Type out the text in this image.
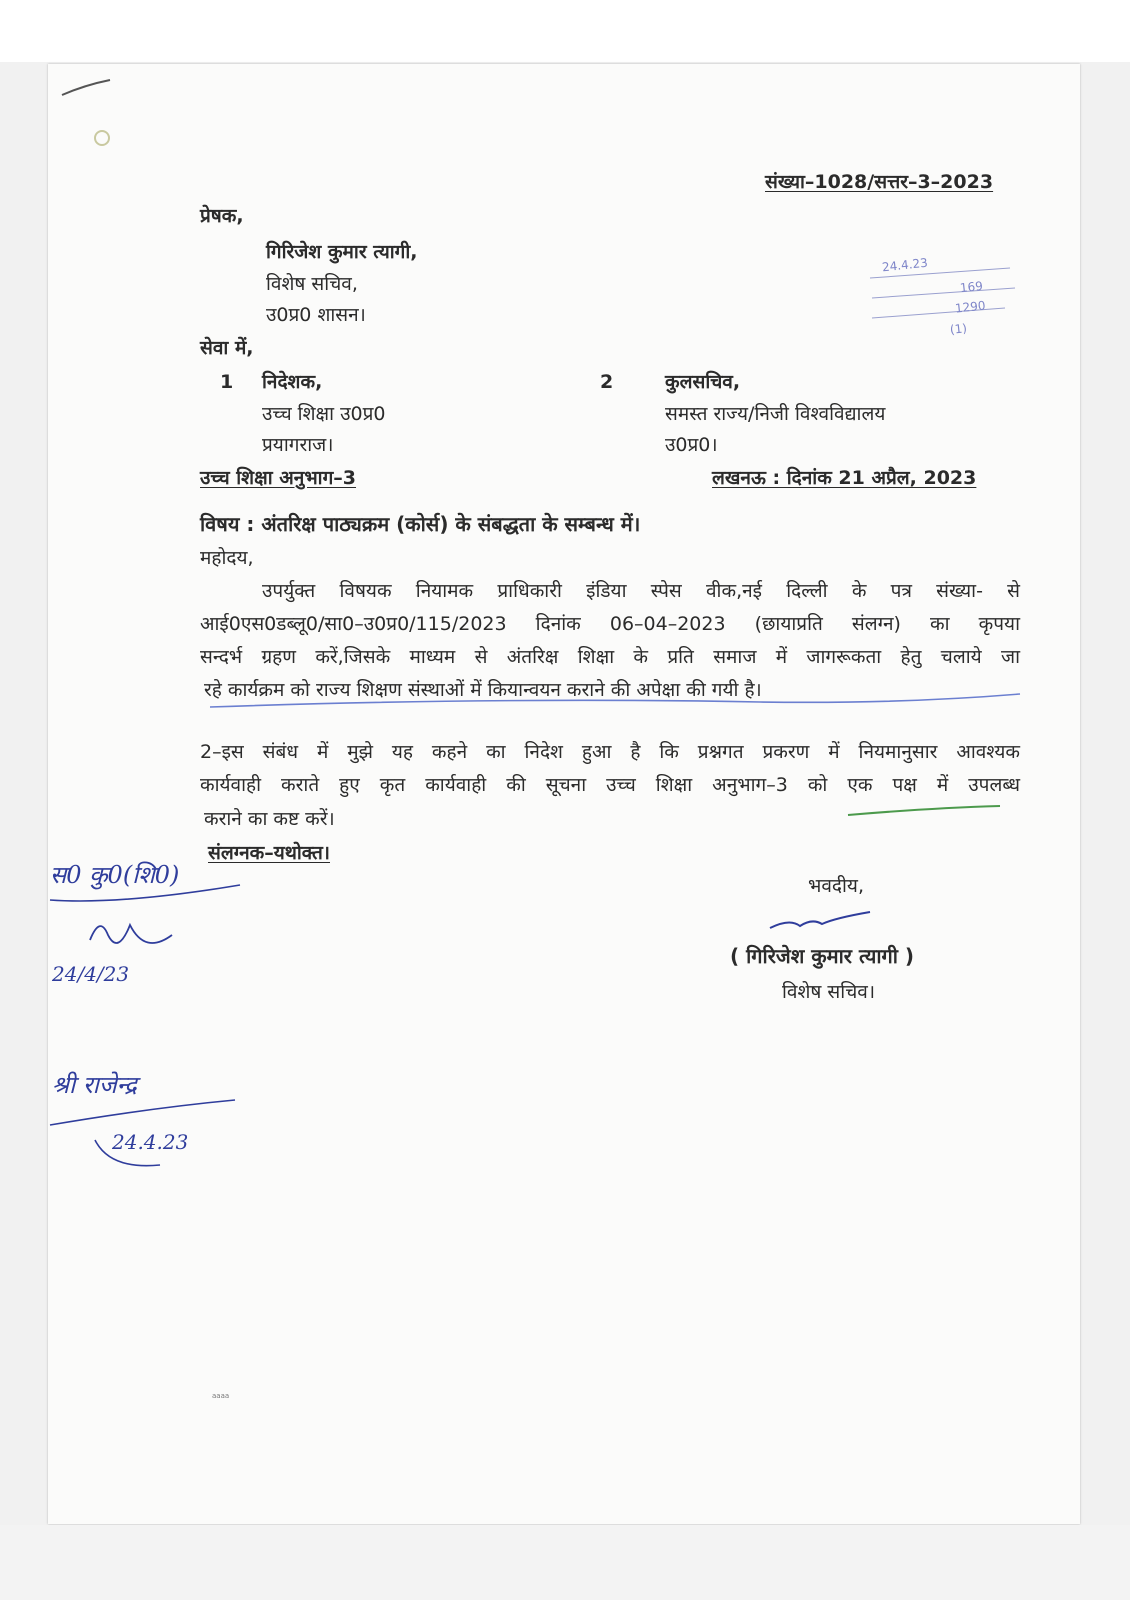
संख्या–1028/सत्तर–3–2023
प्रेषक,
गिरिजेश कुमार त्यागी,
विशेष सचिव,
उ0प्र0 शासन।
24.4.23
169
1290
(1)
सेवा में,
1 निदेशक,
उच्च शिक्षा उ0प्र0
प्रयागराज।
2	कुलसचिव,
समस्त राज्य/निजी विश्वविद्यालय
उ0प्र0।
उच्च शिक्षा अनुभाग–3	लखनऊ : दिनांक 21 अप्रैल, 2023
विषय : अंतरिक्ष पाठ्यक्रम (कोर्स) के संबद्धता के सम्बन्ध में।
महोदय,
उपर्युक्त विषयक नियामक प्राधिकारी इंडिया स्पेस वीक,नई दिल्ली के पत्र संख्या- से
आई0एस0डब्लू0/सा0–उ0प्र0/115/2023 दिनांक 06–04–2023 (छायाप्रति संलग्न) का कृपया
सन्दर्भ ग्रहण करें,जिसके माध्यम से अंतरिक्ष शिक्षा के प्रति समाज में जागरूकता हेतु चलाये जा
रहे कार्यक्रम को राज्य शिक्षण संस्थाओं में कियान्वयन कराने की अपेक्षा की गयी है।
2–इस संबंध में मुझे यह कहने का निदेश हुआ है कि प्रश्नगत प्रकरण में नियमानुसार आवश्यक
कार्यवाही कराते हुए कृत कार्यवाही की सूचना उच्च शिक्षा अनुभाग–3 को एक पक्ष में उपलब्ध
कराने का कष्ट करें।
संलग्नक–यथोक्त।
भवदीय,
( गिरिजेश कुमार त्यागी )
विशेष सचिव।
स0 कु0(शि0)
24/4/23
श्री राजेन्द्र
24.4.23
aaaa
